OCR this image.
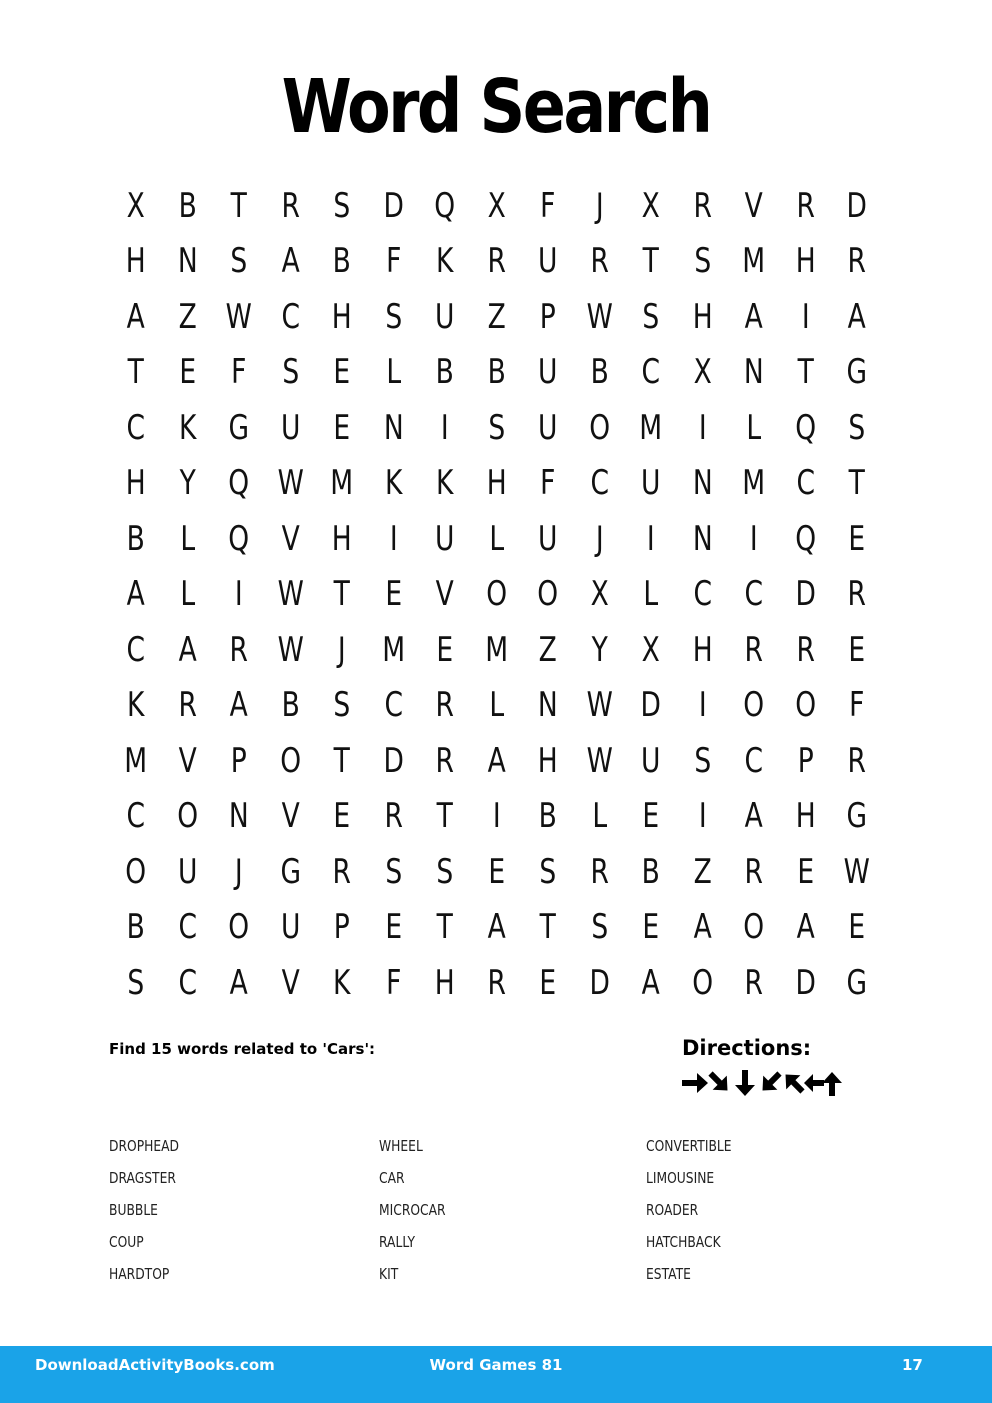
Word Search
X B	T	R S D Q X	F	J	X R V R D
H N S A B	F	K R U R	T	S M H R
A Z W C H S U Z	P W S H A	I	A
T	E	F	S	E	L	B B U B C X N T G
C K G U E N	I	S U O M	I	L Q S
H Y Q W M K	K H F	C U N M C	T
B	L Q V H	I	U	L	U	J	I	N	I	Q E
A	L	I	W T	E	V O O X	L	C C D R
C A R W	J	M E M Z	Y	X H R R E
K R A B S C R	L	N W D	I	O O F
M V	P O T D R A H W U S C	P	R
C O N V	E R	T	I	B	L	E	I	A H G
O U	J	G R S	S	E	S R B Z R E W
B C O U P	E	T	A	T	S	E	A O A	E
S C A V K	F H R E D A O R D G
Find 15 words related to 'Cars':	Directions:
DROPHEAD
DRAGSTER
BUBBLE
COUP
HARDTOP
WHEEL
CAR
MICROCAR
RALLY
KIT
CONVERTIBLE
LIMOUSINE
ROADER
HATCHBACK
ESTATE
DownloadActivityBooks.com	Word Games 81	17
